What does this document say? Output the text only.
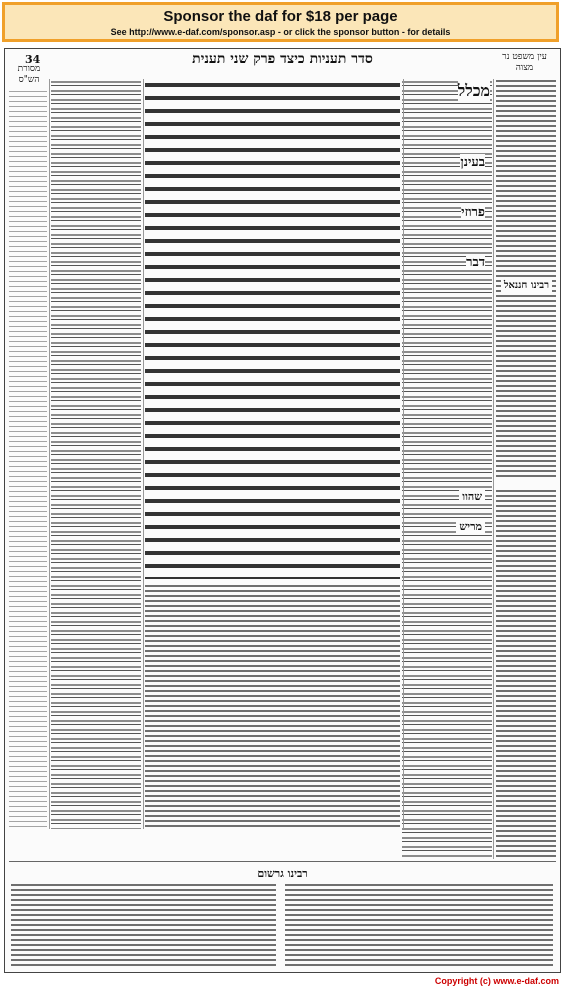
Sponsor the daf for $18 per page
See http://www.e-daf.com/sponsor.asp - or click the sponsor button - for details
34	סדר תעניות כיצד פרק שני תענית	עין משפט נר מצוה
מסורת הש"ס
מכלל
בעינן
פרוזי
דבר
רבינו חננאל
שהוו
מריש
רבינו גרשום
Copyright (c) www.e-daf.com
